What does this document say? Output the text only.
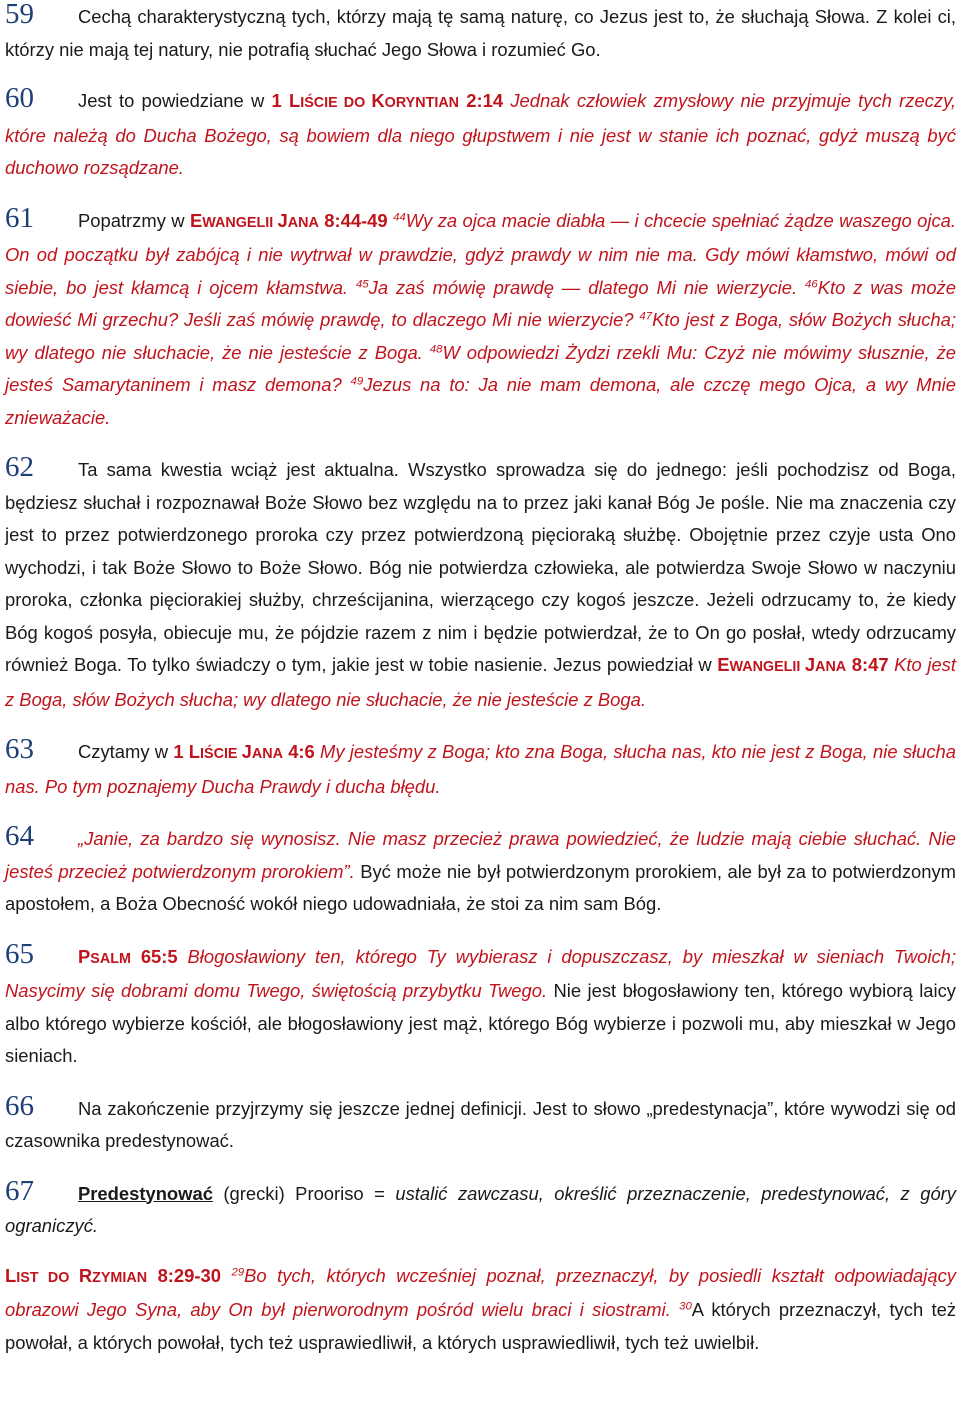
59 Cechą charakterystyczną tych, którzy mają tę samą naturę, co Jezus jest to, że słuchają Słowa. Z kolei ci, którzy nie mają tej natury, nie potrafią słuchać Jego Słowa i rozumieć Go.

60 Jest to powiedziane w 1 LIŚCIE DO KORYNTIAN 2:14 Jednak człowiek zmysłowy nie przyjmuje tych rzeczy, które należą do Ducha Bożego, są bowiem dla niego głupstwem i nie jest w stanie ich poznać, gdyż muszą być duchowo rozsądzane.

61 Popatrzmy w EWANGELII JANA 8:44-49 $^{44}$Wy za ojca macie diabła — i chcecie spełniać żądze waszego ojca. On od początku był zabójcą i nie wytrwał w prawdzie, gdyż prawdy w nim nie ma. Gdy mówi kłamstwo, mówi od siebie, bo jest kłamcą i ojcem kłamstwa. $^{45}$Ja zaś mówię prawdę — dlatego Mi nie wierzycie. $^{46}$Kto z was może dowieść Mi grzechu? Jeśli zaś mówię prawdę, to dlaczego Mi nie wierzycie? $^{47}$Kto jest z Boga, słów Bożych słucha; wy dlatego nie słuchacie, że nie jesteście z Boga. $^{48}$W odpowiedzi Żydzi rzekli Mu: Czyż nie mówimy słusznie, że jesteś Samarytaninem i masz demona? $^{49}$Jezus na to: Ja nie mam demona, ale czczę mego Ojca, a wy Mnie znieważacie.

62 Ta sama kwestia wciąż jest aktualna. Wszystko sprowadza się do jednego: jeśli pochodzisz od Boga, będziesz słuchał i rozpoznawał Boże Słowo bez względu na to przez jaki kanał Bóg Je pośle. Nie ma znaczenia czy jest to przez potwierdzonego proroka czy przez potwierdzoną pięcioraką służbę. Obojętnie przez czyje usta Ono wychodzi, i tak Boże Słowo to Boże Słowo. Bóg nie potwierdza człowieka, ale potwierdza Swoje Słowo w naczyniu proroka, członka pięciorakiej służby, chrześcijanina, wierzącego czy kogoś jeszcze. Jeżeli odrzucamy to, że kiedy Bóg kogoś posyła, obiecuje mu, że pójdzie razem z nim i będzie potwierdzał, że to On go posłał, wtedy odrzucamy również Boga. To tylko świadczy o tym, jakie jest w tobie nasienie. Jezus powiedział w EWANGELII JANA 8:47 Kto jest z Boga, słów Bożych słucha; wy dlatego nie słuchacie, że nie jesteście z Boga.

63 Czytamy w 1 LIŚCIE JANA 4:6 My jesteśmy z Boga; kto zna Boga, słucha nas, kto nie jest z Boga, nie słucha nas. Po tym poznajemy Ducha Prawdy i ducha błędu.

64 „Janie, za bardzo się wynosisz. Nie masz przecież prawa powiedzieć, że ludzie mają ciebie słuchać. Nie jesteś przecież potwierdzonym prorokiem”. Być może nie był potwierdzonym prorokiem, ale był za to potwierdzonym apostołem, a Boża Obecność wokół niego udowadniała, że stoi za nim sam Bóg.

65 PSALM 65:5 Błogosławiony ten, którego Ty wybierasz i dopuszczasz, by mieszkał w sieniach Twoich; Nasycimy się dobrami domu Twego, świętością przybytku Twego. Nie jest błogosławiony ten, którego wybiorą laicy albo którego wybierze kościół, ale błogosławiony jest mąż, którego Bóg wybierze i pozwoli mu, aby mieszkał w Jego sieniach.

66 Na zakończenie przyjrzymy się jeszcze jednej definicji. Jest to słowo „predestynacja”, które wywodzi się od czasownika predestynować.

67 Predestynować (grecki) Prooriso = ustalić zawczasu, określić przeznaczenie, predestynować, z góry ograniczyć.

LIST DO RZYMIAN 8:29-30 $^{29}$Bo tych, których wcześniej poznał, przeznaczył, by posiedli kształt odpowiadający obrazowi Jego Syna, aby On był pierworodnym pośród wielu braci i siostrami. $^{30}$A których przeznaczył, tych też powołał, a których powołał, tych też usprawiedliwił, a których usprawiedliwił, tych też uwielbił.
